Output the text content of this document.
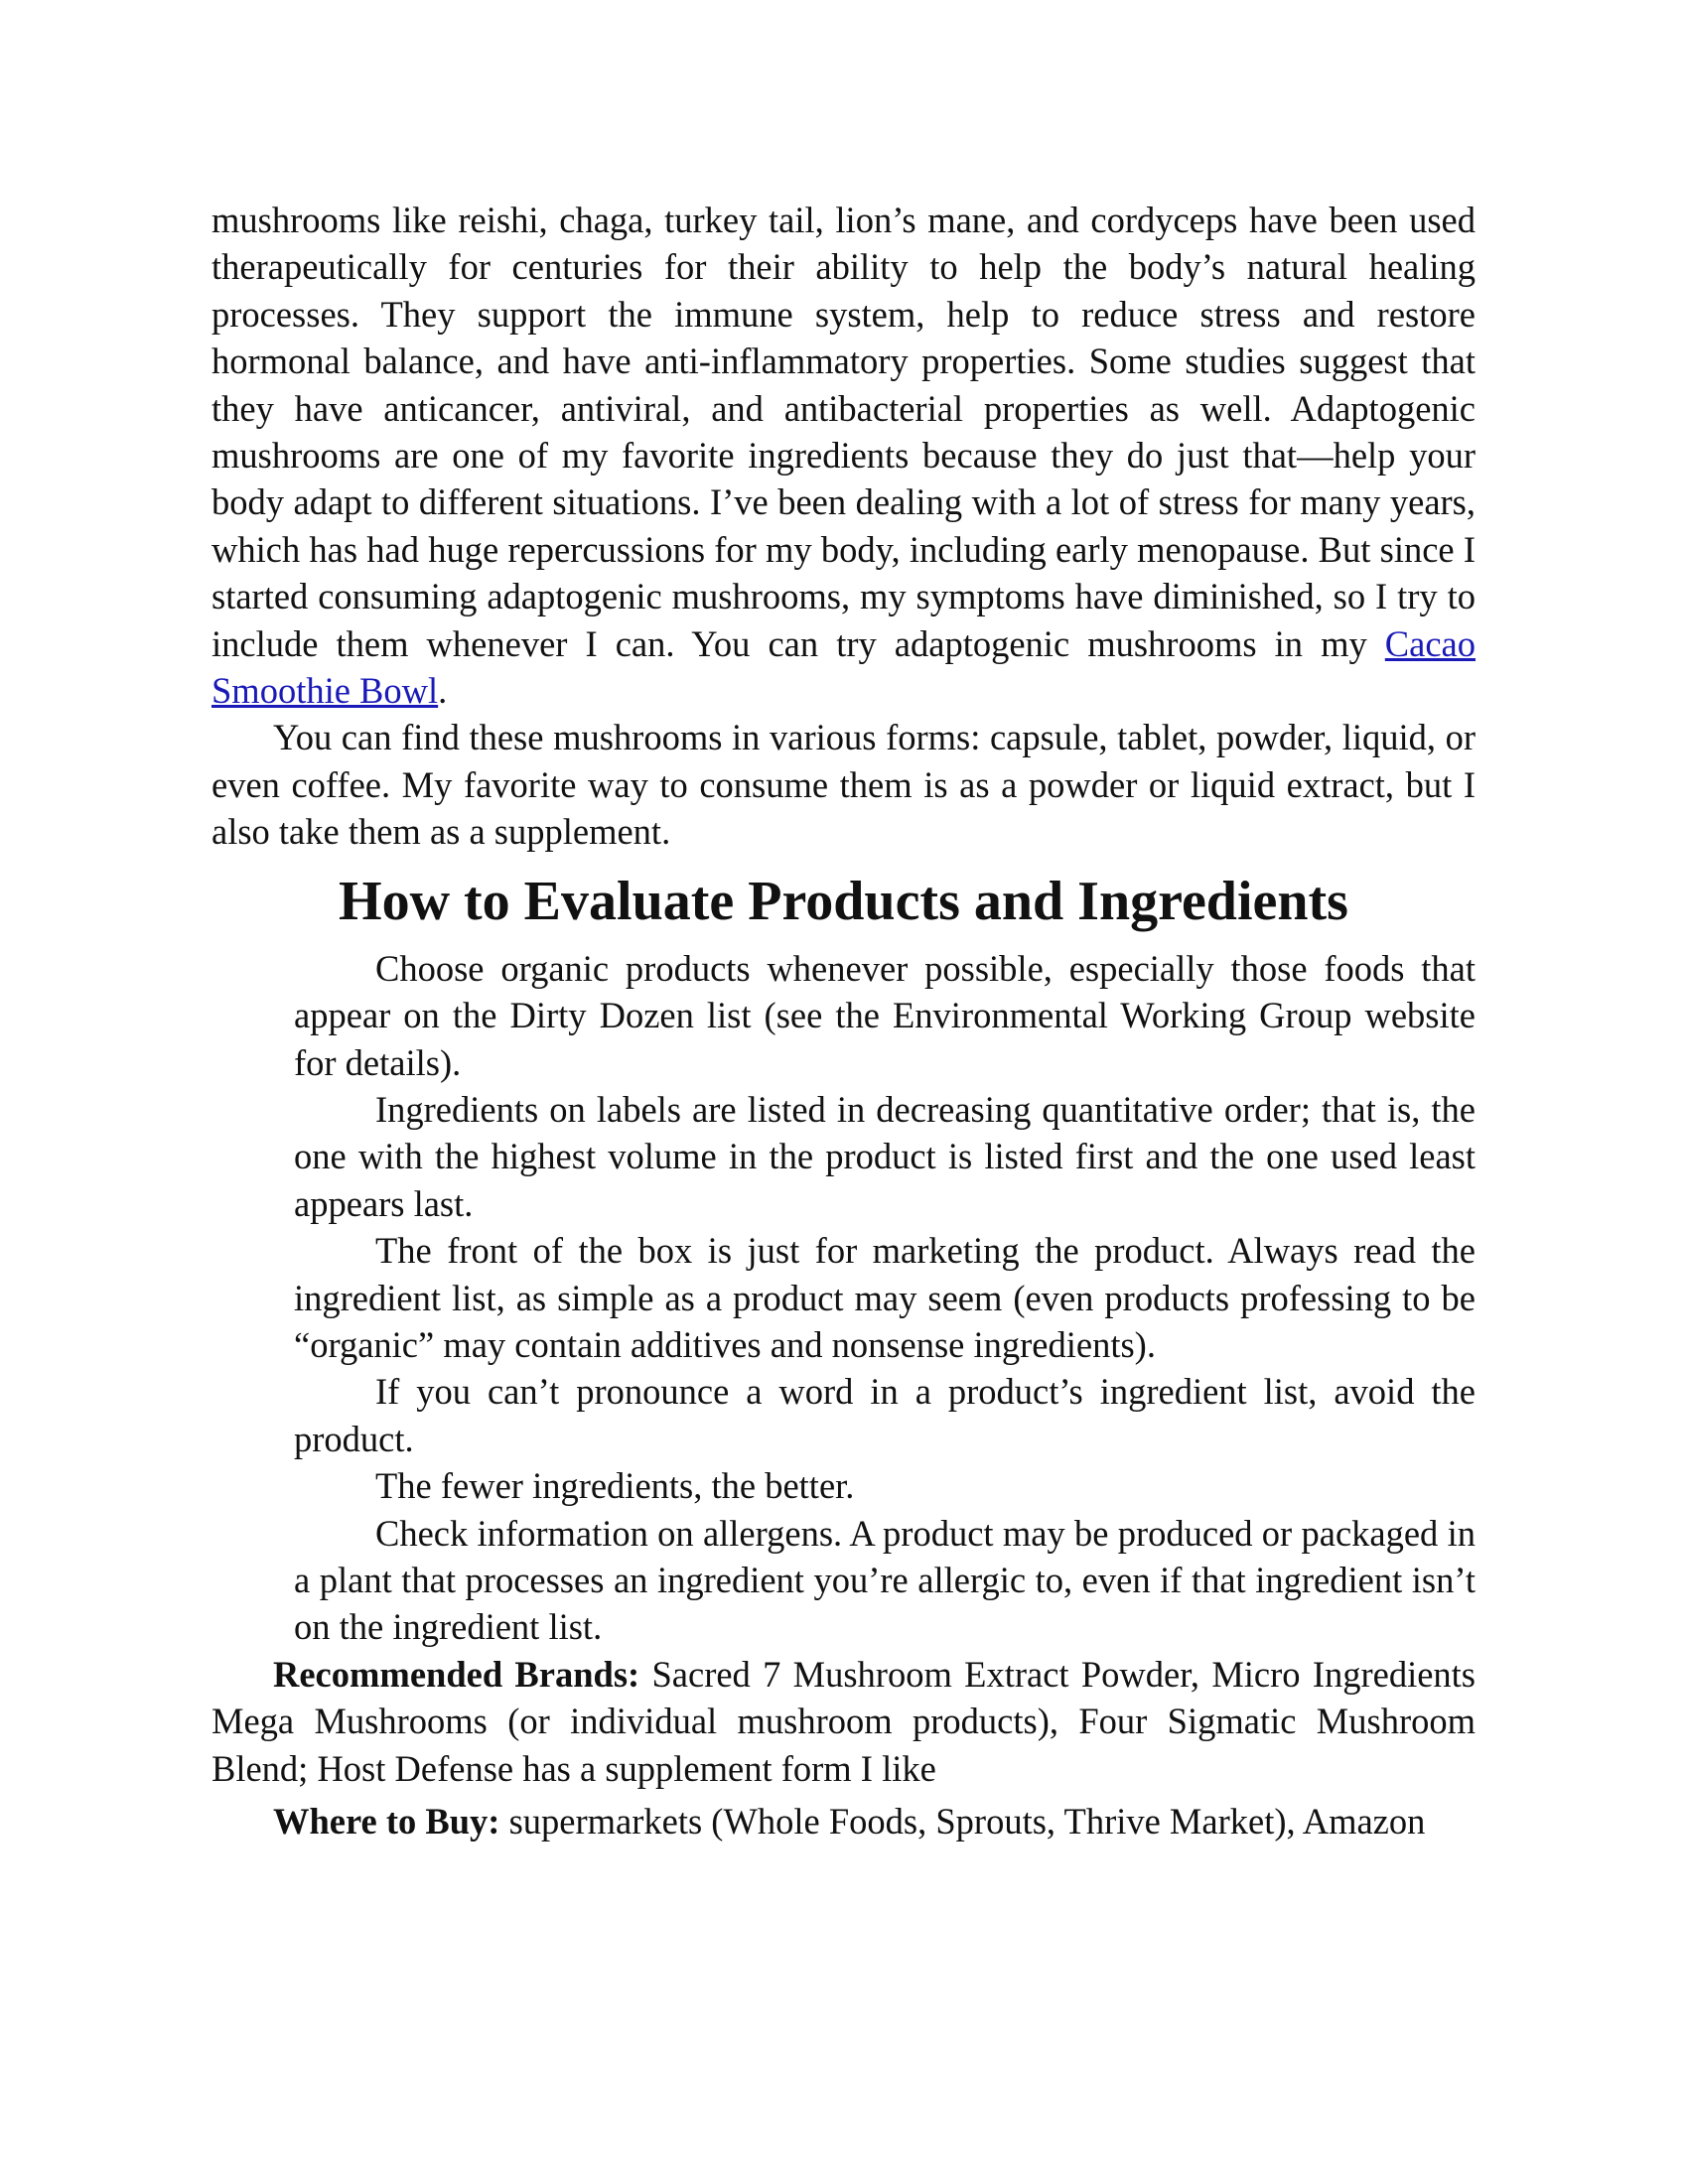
mushrooms like reishi, chaga, turkey tail, lion’s mane, and cordyceps have been used therapeutically for centuries for their ability to help the body’s natural healing processes. They support the immune system, help to reduce stress and restore hormonal balance, and have anti-inflammatory properties. Some studies suggest that they have anticancer, antiviral, and antibacterial properties as well. Adaptogenic mushrooms are one of my favorite ingredients because they do just that—help your body adapt to different situations. I’ve been dealing with a lot of stress for many years, which has had huge repercussions for my body, including early menopause. But since I started consuming adaptogenic mushrooms, my symptoms have diminished, so I try to include them whenever I can. You can try adaptogenic mushrooms in my Cacao Smoothie Bowl.

You can find these mushrooms in various forms: capsule, tablet, powder, liquid, or even coffee. My favorite way to consume them is as a powder or liquid extract, but I also take them as a supplement.

How to Evaluate Products and Ingredients

Choose organic products whenever possible, especially those foods that appear on the Dirty Dozen list (see the Environmental Working Group website for details).

Ingredients on labels are listed in decreasing quantitative order; that is, the one with the highest volume in the product is listed first and the one used least appears last.

The front of the box is just for marketing the product. Always read the ingredient list, as simple as a product may seem (even products professing to be “organic” may contain additives and nonsense ingredients).

If you can’t pronounce a word in a product’s ingredient list, avoid the product.

The fewer ingredients, the better.

Check information on allergens. A product may be produced or packaged in a plant that processes an ingredient you’re allergic to, even if that ingredient isn’t on the ingredient list.

Recommended Brands: Sacred 7 Mushroom Extract Powder, Micro Ingredients Mega Mushrooms (or individual mushroom products), Four Sigmatic Mushroom Blend; Host Defense has a supplement form I like

Where to Buy: supermarkets (Whole Foods, Sprouts, Thrive Market), Amazon
